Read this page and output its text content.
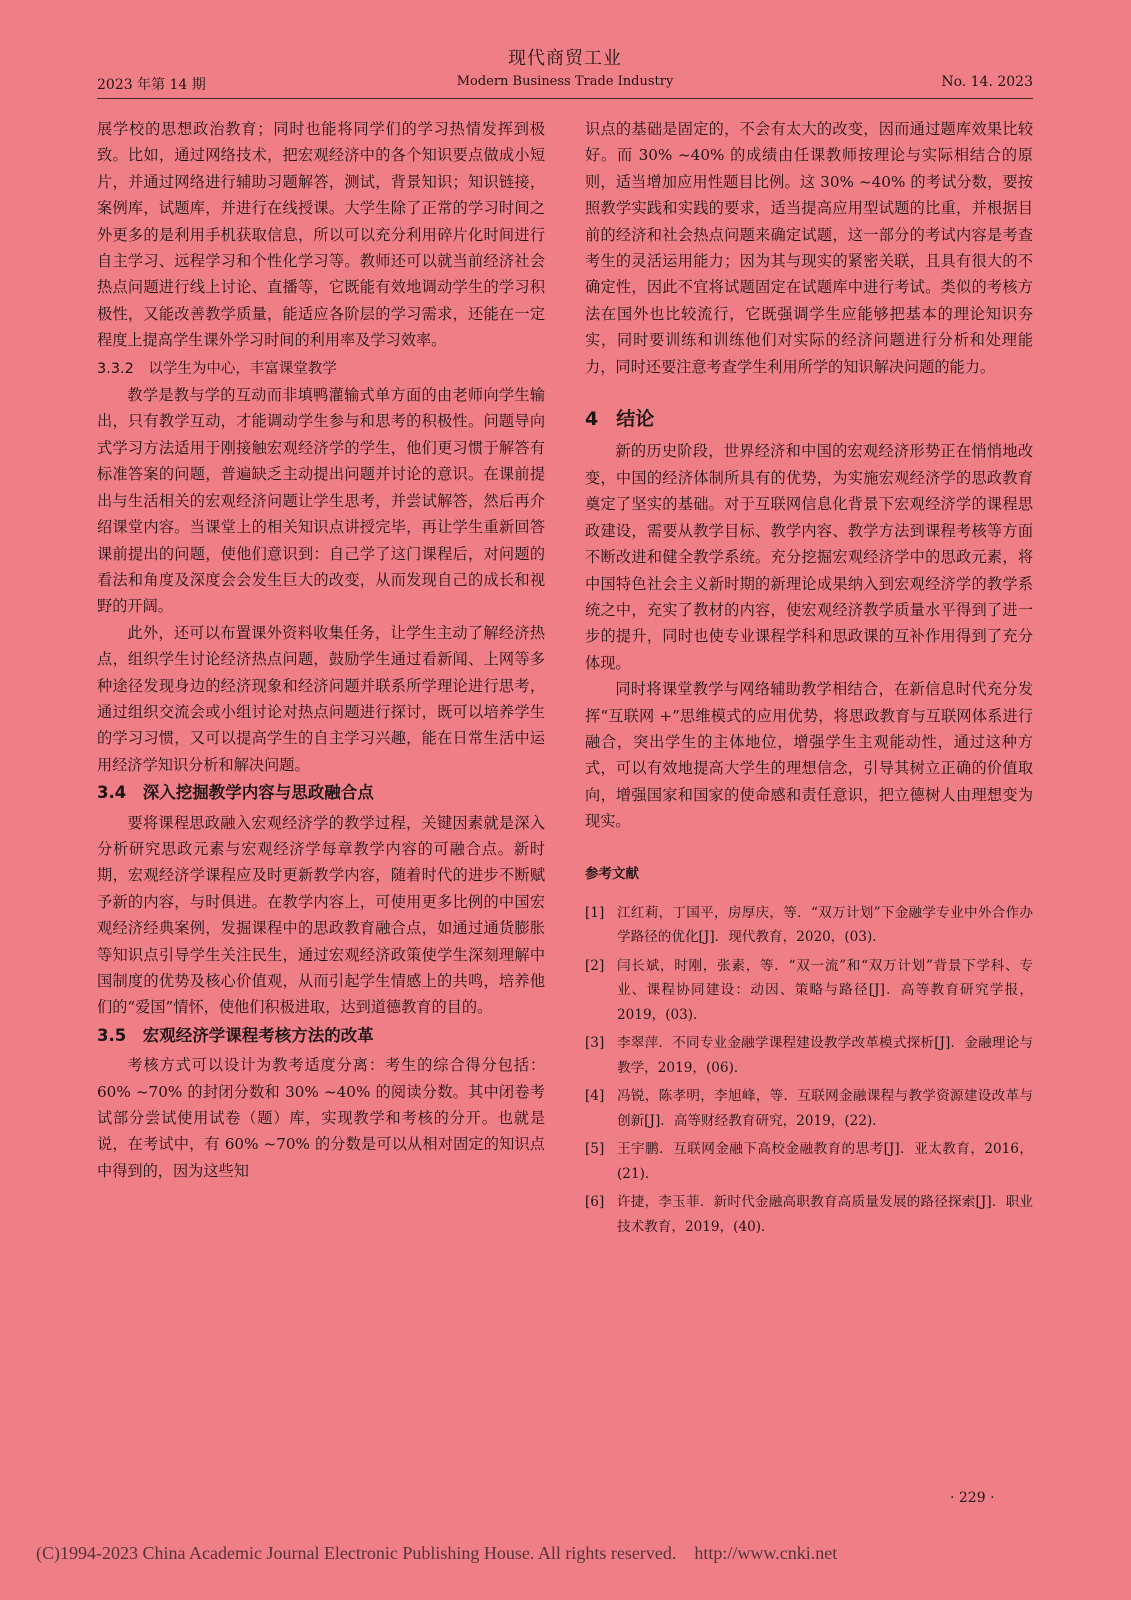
现代商贸工业

2023 年第 14 期	Modern Business Trade Industry	No. 14. 2023

展学校的思想政治教育；同时也能将同学们的学习热情发挥到极致。比如，通过网络技术，把宏观经济中的各个知识要点做成小短片，并通过网络进行辅助习题解答，测试，背景知识；知识链接，案例库，试题库，并进行在线授课。大学生除了正常的学习时间之外更多的是利用手机获取信息，所以可以充分利用碎片化时间进行自主学习、远程学习和个性化学习等。教师还可以就当前经济社会热点问题进行线上讨论、直播等，它既能有效地调动学生的学习积极性，又能改善教学质量，能适应各阶层的学习需求，还能在一定程度上提高学生课外学习时间的利用率及学习效率。

3.3.2　以学生为中心，丰富课堂教学

教学是教与学的互动而非填鸭灌输式单方面的由老师向学生输出，只有教学互动，才能调动学生参与和思考的积极性。问题导向式学习方法适用于刚接触宏观经济学的学生，他们更习惯于解答有标准答案的问题，普遍缺乏主动提出问题并讨论的意识。在课前提出与生活相关的宏观经济问题让学生思考，并尝试解答，然后再介绍课堂内容。当课堂上的相关知识点讲授完毕，再让学生重新回答课前提出的问题，使他们意识到：自己学了这门课程后，对问题的看法和角度及深度会会发生巨大的改变，从而发现自己的成长和视野的开阔。

此外，还可以布置课外资料收集任务，让学生主动了解经济热点，组织学生讨论经济热点问题，鼓励学生通过看新闻、上网等多种途径发现身边的经济现象和经济问题并联系所学理论进行思考，通过组织交流会或小组讨论对热点问题进行探讨，既可以培养学生的学习习惯，又可以提高学生的自主学习兴趣，能在日常生活中运用经济学知识分析和解决问题。

3.4　深入挖掘教学内容与思政融合点

要将课程思政融入宏观经济学的教学过程，关键因素就是深入分析研究思政元素与宏观经济学每章教学内容的可融合点。新时期，宏观经济学课程应及时更新教学内容，随着时代的进步不断赋予新的内容，与时俱进。在教学内容上，可使用更多比例的中国宏观经济经典案例，发掘课程中的思政教育融合点，如通过通货膨胀等知识点引导学生关注民生，通过宏观经济政策使学生深刻理解中国制度的优势及核心价值观，从而引起学生情感上的共鸣，培养他们的“爱国”情怀，使他们积极进取，达到道德教育的目的。

3.5　宏观经济学课程考核方法的改革

考核方式可以设计为教考适度分离：考生的综合得分包括：60% ~70% 的封闭分数和 30% ~40% 的阅读分数。其中闭卷考试部分尝试使用试卷（题）库，实现教学和考核的分开。也就是说，在考试中，有 60% ~70% 的分数是可以从相对固定的知识点中得到的，因为这些知

识点的基础是固定的，不会有太大的改变，因而通过题库效果比较好。而 30% ~40% 的成绩由任课教师按理论与实际相结合的原则，适当增加应用性题目比例。这 30% ~40% 的考试分数，要按照教学实践和实践的要求，适当提高应用型试题的比重，并根据目前的经济和社会热点问题来确定试题，这一部分的考试内容是考查考生的灵活运用能力；因为其与现实的紧密关联，且具有很大的不确定性，因此不宜将试题固定在试题库中进行考试。类似的考核方法在国外也比较流行，它既强调学生应能够把基本的理论知识夯实，同时要训练和训练他们对实际的经济问题进行分析和处理能力，同时还要注意考查学生利用所学的知识解决问题的能力。

4 结论

新的历史阶段，世界经济和中国的宏观经济形势正在悄悄地改变，中国的经济体制所具有的优势，为实施宏观经济学的思政教育奠定了坚实的基础。对于互联网信息化背景下宏观经济学的课程思政建设，需要从教学目标、教学内容、教学方法到课程考核等方面不断改进和健全教学系统。充分挖掘宏观经济学中的思政元素，将中国特色社会主义新时期的新理论成果纳入到宏观经济学的教学系统之中，充实了教材的内容，使宏观经济教学质量水平得到了进一步的提升，同时也使专业课程学科和思政课的互补作用得到了充分体现。

同时将课堂教学与网络辅助教学相结合，在新信息时代充分发挥“互联网 +”思维模式的应用优势，将思政教育与互联网体系进行融合，突出学生的主体地位，增强学生主观能动性，通过这种方式，可以有效地提高大学生的理想信念，引导其树立正确的价值取向，增强国家和国家的使命感和责任意识，把立德树人由理想变为现实。

参考文献

[1] 江红莉，丁国平，房厚庆，等．“双万计划”下金融学专业中外合作办学路径的优化[J]．现代教育，2020，(03)．
[2] 闫长斌，时刚，张素，等．“双一流”和“双万计划”背景下学科、专业、课程协同建设：动因、策略与路径[J]．高等教育研究学报，2019，(03)．
[3] 李翠萍．不同专业金融学课程建设教学改革模式探析[J]．金融理论与教学，2019，(06)．
[4] 冯锐，陈孝明，李旭峰，等．互联网金融课程与教学资源建设改革与创新[J]．高等财经教育研究，2019，(22)．
[5] 王宇鹏．互联网金融下高校金融教育的思考[J]．亚太教育，2016，(21)．
[6] 许捷，李玉菲．新时代金融高职教育高质量发展的路径探索[J]．职业技术教育，2019，(40)．
· 229 ·
(C)1994-2023 China Academic Journal Electronic Publishing House. All rights reserved. http://www.cnki.net
